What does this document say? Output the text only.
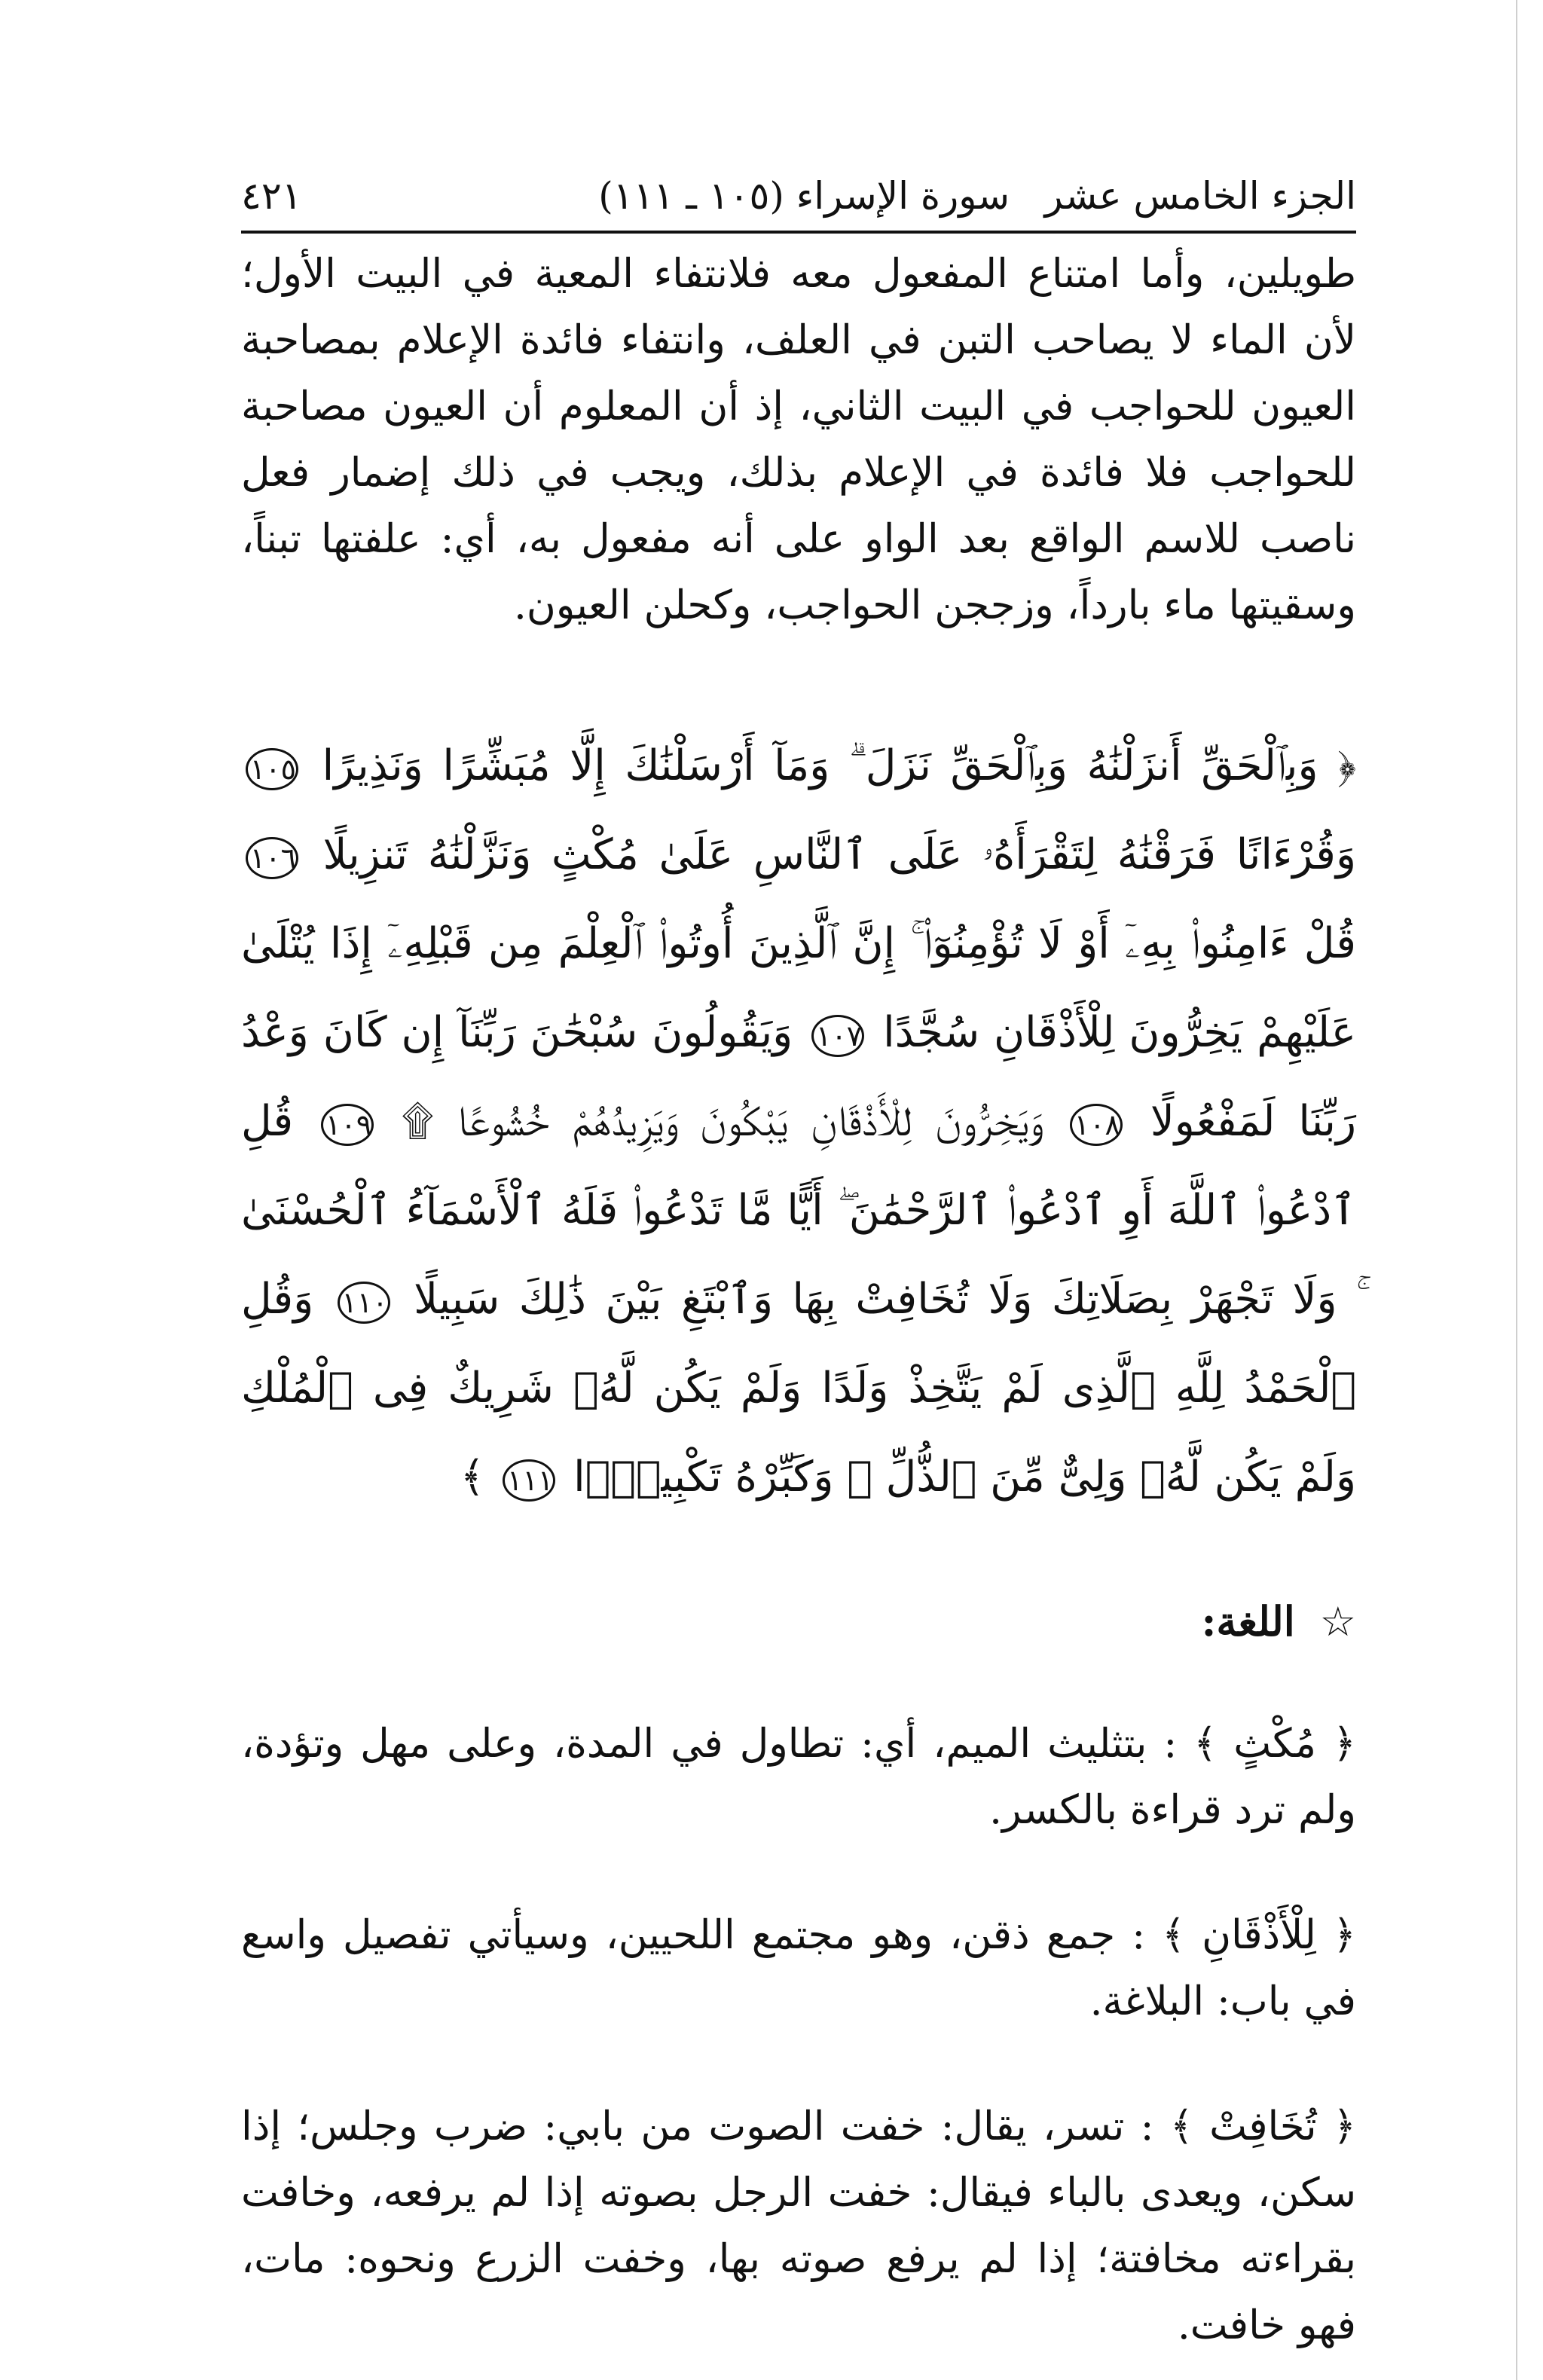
الجزء الخامس عشر
سورة الإسراء (١٠٥ ـ ١١١)
٤٢١

طويلين، وأما امتناع المفعول معه فلانتفاء المعية في البيت الأول؛ لأن الماء لا يصاحب التبن في العلف، وانتفاء فائدة الإعلام بمصاحبة العيون للحواجب في البيت الثاني، إذ أن المعلوم أن العيون مصاحبة للحواجب فلا فائدة في الإعلام بذلك، ويجب في ذلك إضمار فعل ناصب للاسم الواقع بعد الواو على أنه مفعول به، أي: علفتها تبناً، وسقيتها ماء بارداً، وزججن الحواجب، وكحلن العيون.

﴿ وَبِٱلْحَقِّ أَنزَلْنَٰهُ وَبِٱلْحَقِّ نَزَلَ ۗ وَمَآ أَرْسَلْنَٰكَ إِلَّا مُبَشِّرًا وَنَذِيرًا ١٠٥ وَقُرْءَانًا فَرَقْنَٰهُ لِتَقْرَأَهُۥ عَلَى ٱلنَّاسِ عَلَىٰ مُكْثٍ وَنَزَّلْنَٰهُ تَنزِيلًا ١٠٦ قُلْ ءَامِنُوا۟ بِهِۦٓ أَوْ لَا تُؤْمِنُوٓا۟ ۚ إِنَّ ٱلَّذِينَ أُوتُوا۟ ٱلْعِلْمَ مِن قَبْلِهِۦٓ إِذَا يُتْلَىٰ عَلَيْهِمْ يَخِرُّونَ لِلْأَذْقَانِ سُجَّدًا ١٠٧ وَيَقُولُونَ سُبْحَٰنَ رَبِّنَآ إِن كَانَ وَعْدُ رَبِّنَا لَمَفْعُولًا ١٠٨ وَيَخِرُّونَ لِلْأَذْقَانِ يَبْكُونَ وَيَزِيدُهُمْ خُشُوعًا ۩ ١٠٩ قُلِ ٱدْعُوا۟ ٱللَّهَ أَوِ ٱدْعُوا۟ ٱلرَّحْمَٰنَ ۖ أَيًّا مَّا تَدْعُوا۟ فَلَهُ ٱلْأَسْمَآءُ ٱلْحُسْنَىٰ ۚ وَلَا تَجْهَرْ بِصَلَاتِكَ وَلَا تُخَافِتْ بِهَا وَٱبْتَغِ بَيْنَ ذَٰلِكَ سَبِيلًا ١١٠ وَقُلِ ٱلْحَمْدُ لِلَّهِ ٱلَّذِى لَمْ يَتَّخِذْ وَلَدًا وَلَمْ يَكُن لَّهُۥ شَرِيكٌ فِى ٱلْمُلْكِ وَلَمْ يَكُن لَّهُۥ وَلِىٌّ مِّنَ ٱلذُّلِّ ۖ وَكَبِّرْهُ تَكْبِيرًۢا ١١١ ﴾
☆ اللغة:

﴿ مُكْثٍ ﴾ : بتثليث الميم، أي: تطاول في المدة، وعلى مهل وتؤدة، ولم ترد قراءة بالكسر.

﴿ لِلْأَذْقَانِ ﴾ : جمع ذقن، وهو مجتمع اللحيين، وسيأتي تفصيل واسع في باب: البلاغة.

﴿ تُخَافِتْ ﴾ : تسر، يقال: خفت الصوت من بابي: ضرب وجلس؛ إذا سكن، ويعدى بالباء فيقال: خفت الرجل بصوته إذا لم يرفعه، وخافت بقراءته مخافتة؛ إذا لم يرفع صوته بها، وخفت الزرع ونحوه: مات، فهو خافت.
